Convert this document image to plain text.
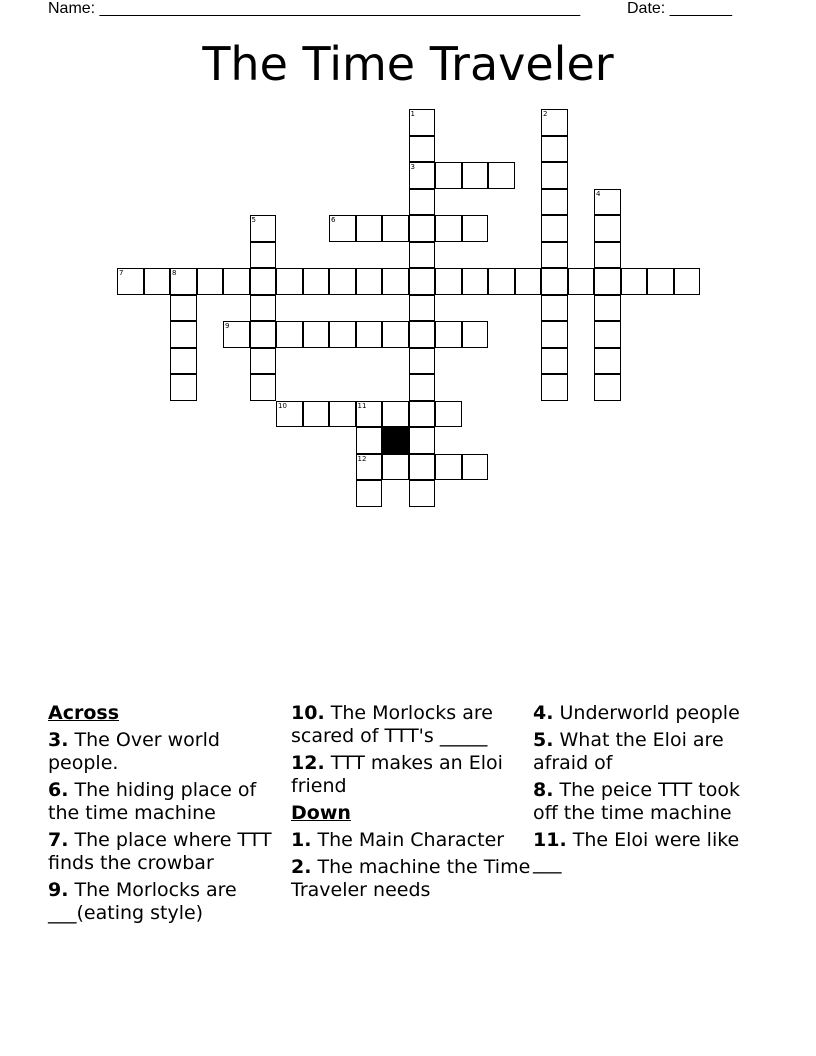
Name: ______________________________________________________	Date: _______
The Time Traveler
1
3
2
4
5	6
7	8
9
10	11
12
Across
3. The Over world people.
6. The hiding place of the time machine
7. The place where TTT finds the crowbar
9. The Morlocks are ___(eating style)
10. The Morlocks are scared of TTT's _____
12. TTT makes an Eloi friend
Down
1. The Main Character
2. The machine the Time Traveler needs
4. Underworld people
5. What the Eloi are afraid of
8. The peice TTT took off the time machine
11. The Eloi were like ___
